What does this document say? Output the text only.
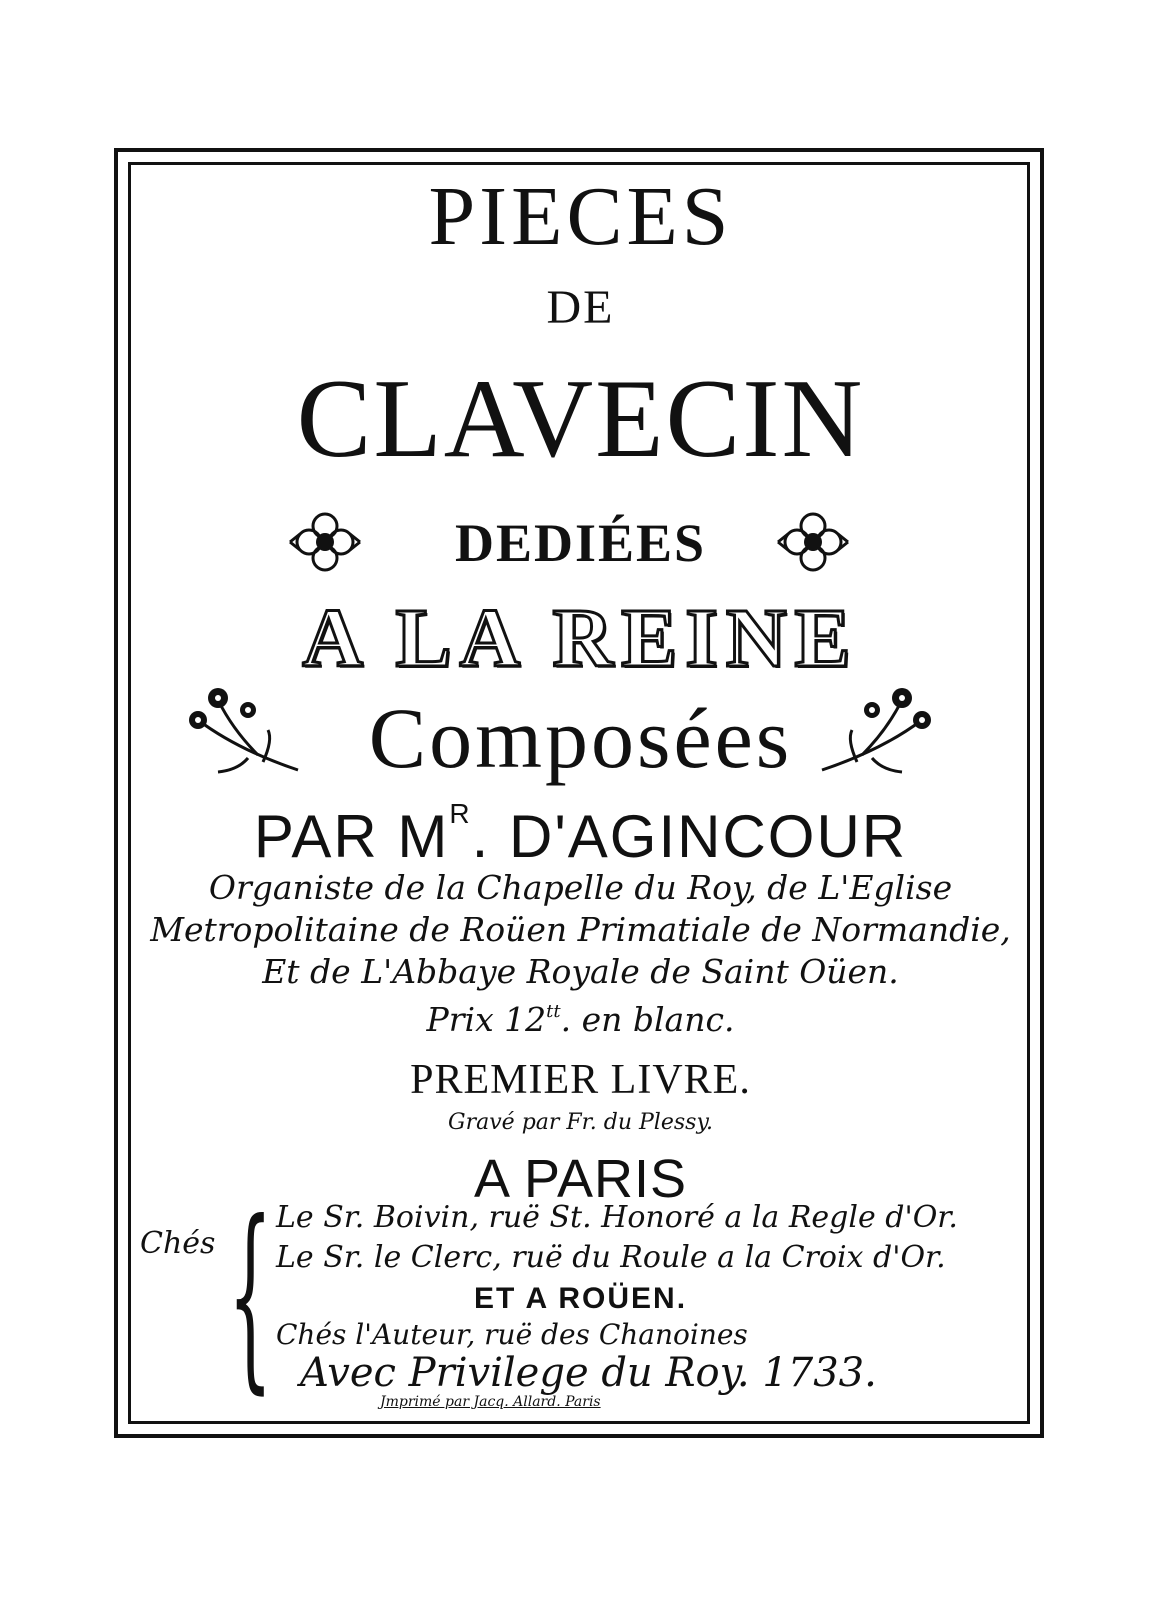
PIECES
DE
CLAVECIN
DEDIÉES
A LA REINE
Composées
PAR $M^R$. D'AGINCOUR
Organiste de la Chapelle du Roy, de L'Eglise
Metropolitaine de Roüen Primatiale de Normandie,
Et de L'Abbaye Royale de Saint Oüen.
Prix $12^{tt}$. en blanc.
PREMIER LIVRE.
Gravé par Fr. du Plessy.
A PARIS
Chés { Le Sr. Boivin, ruë St. Honoré a la Regle d'Or.
Le Sr. le Clerc, ruë du Roule a la Croix d'Or.
ET A ROÜEN.
Chés l'Auteur, ruë des Chanoines
Avec Privilege du Roy. 1733.
Jmprimé par Jacq. Allard. Paris
